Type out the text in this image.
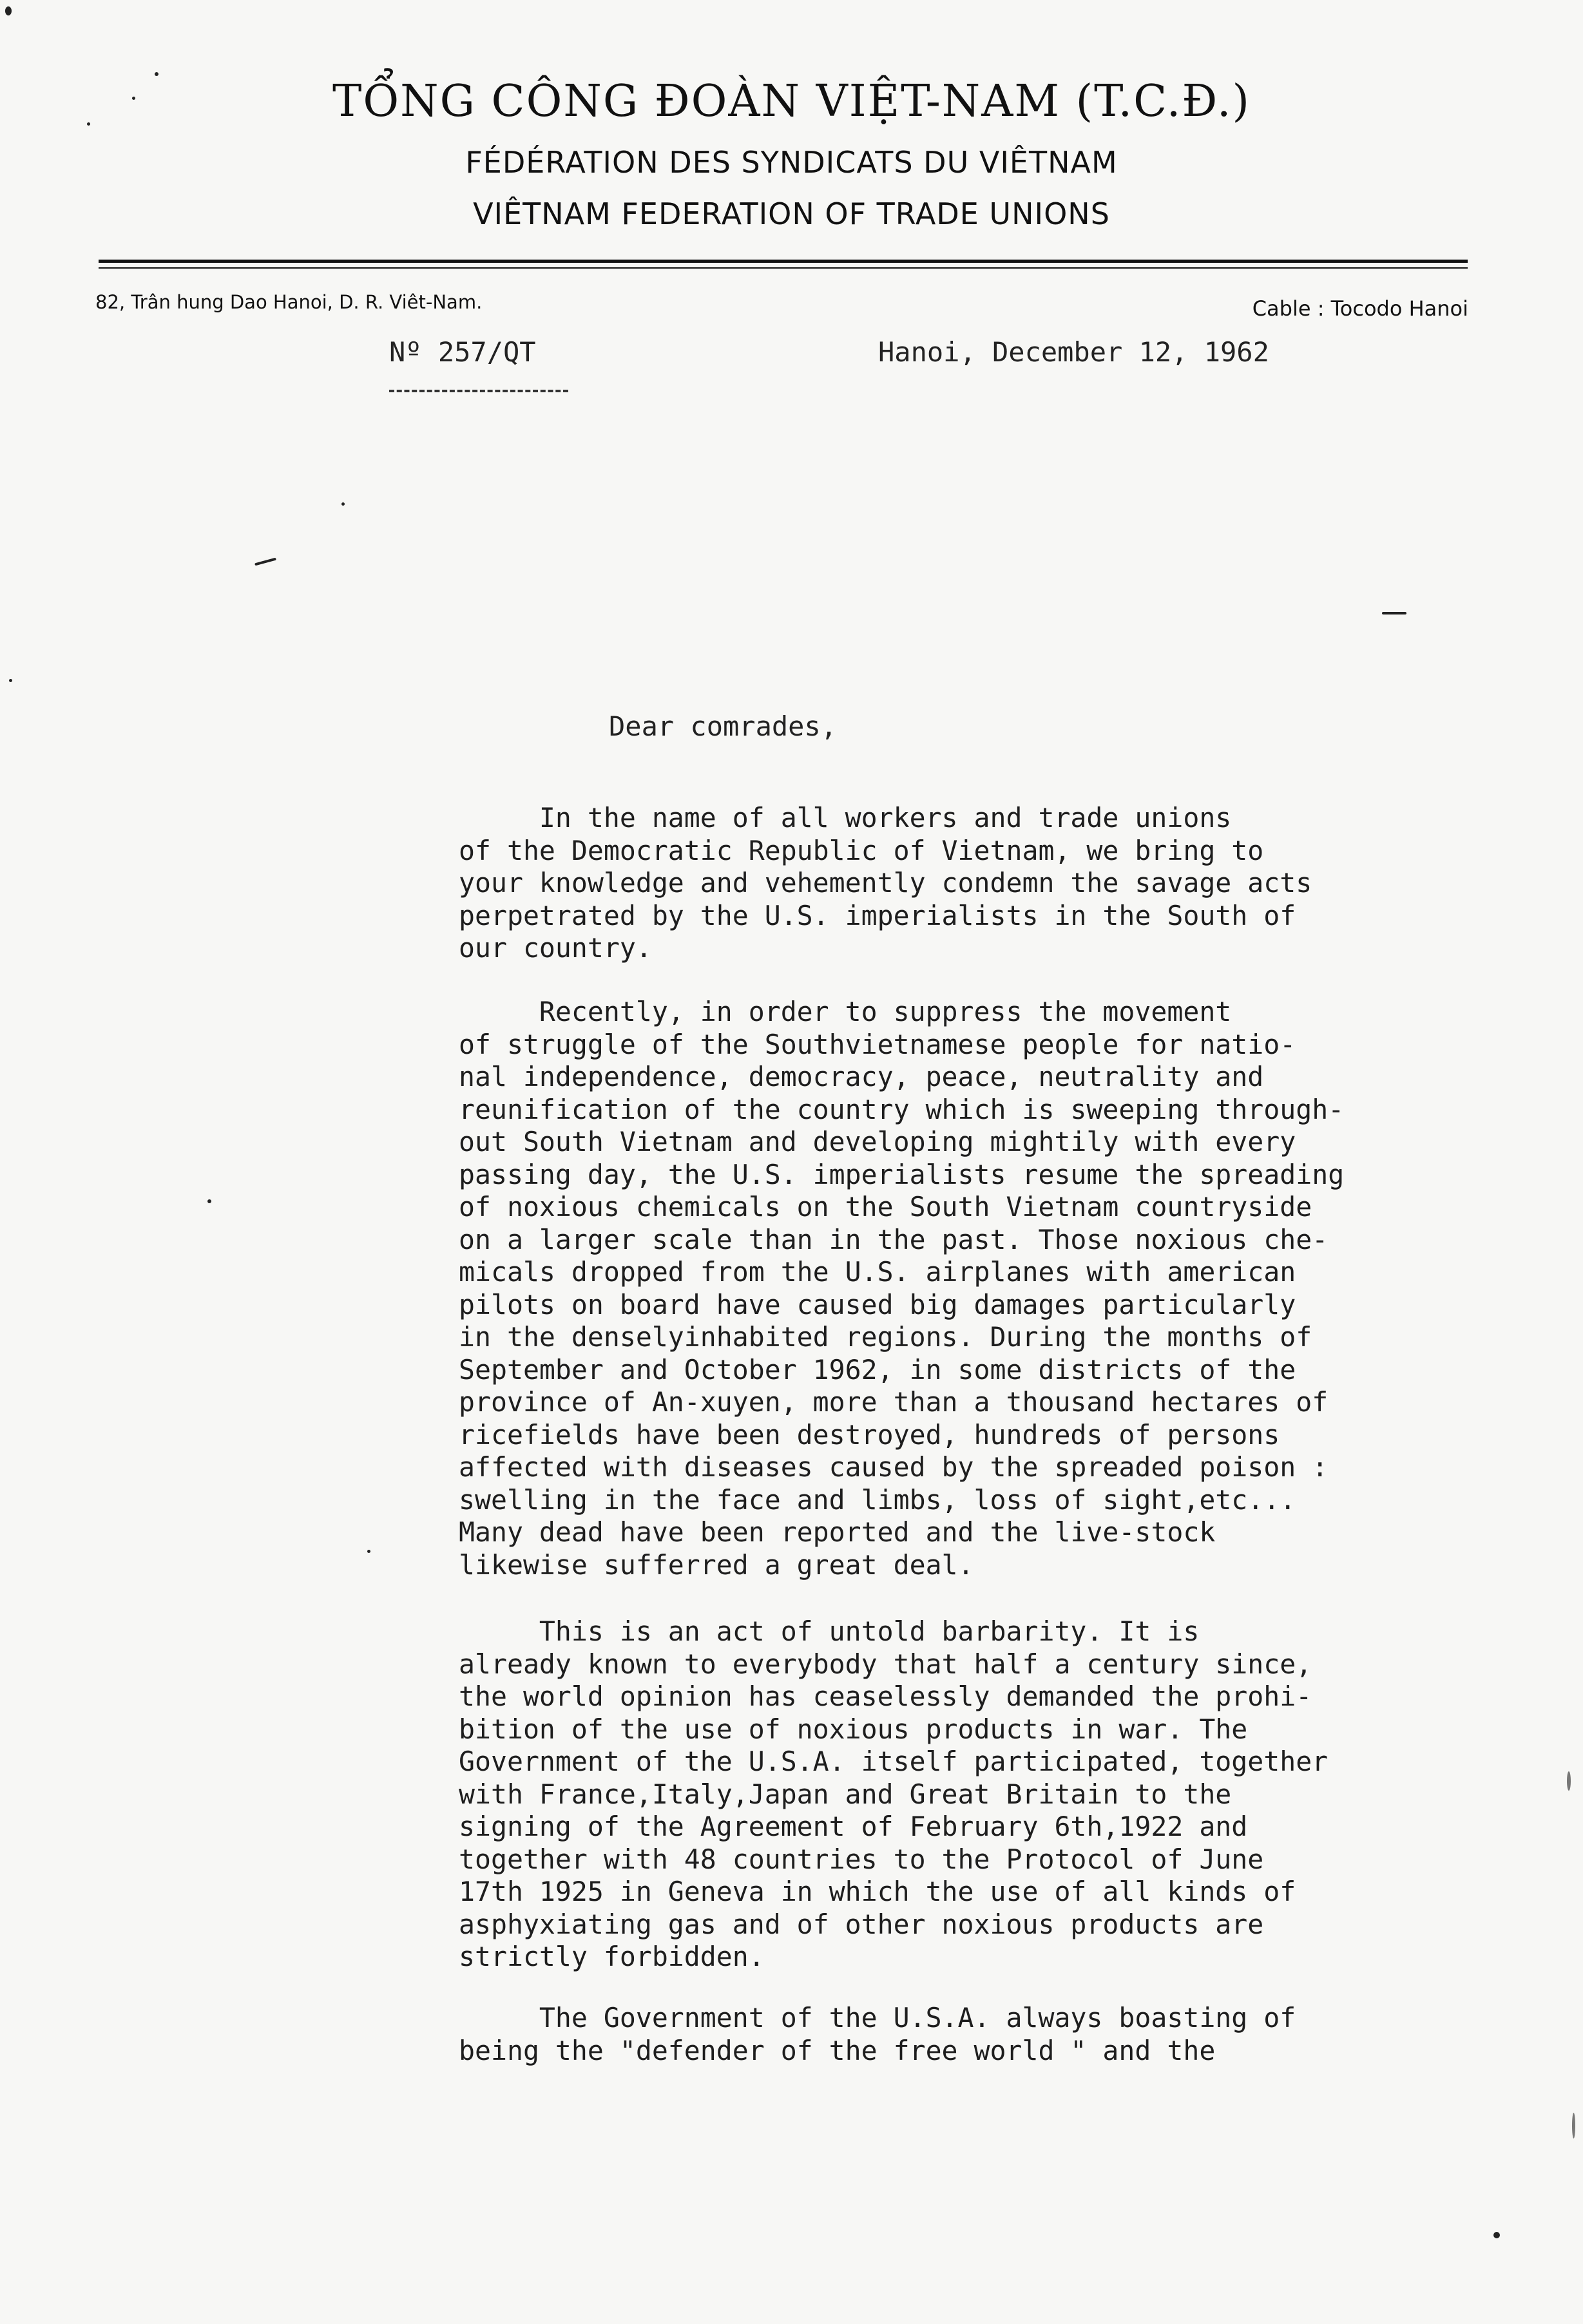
TỔNG CÔNG ĐOÀN VIỆT-NAM (T.C.Đ.)
FÉDÉRATION DES SYNDICATS DU VIÊTNAM
VIÊTNAM FEDERATION OF TRADE UNIONS
82, Trân hung Dao Hanoi, D. R. Viêt-Nam.	Cable : Tocodo Hanoi
Nº 257/QT	Hanoi, December 12, 1962
Dear comrades,
In the name of all workers and trade unions
of the Democratic Republic of Vietnam, we bring to
your knowledge and vehemently condemn the savage acts
perpetrated by the U.S. imperialists in the South of
our country.
Recently, in order to suppress the movement
of struggle of the Southvietnamese people for natio-
nal independence, democracy, peace, neutrality and
reunification of the country which is sweeping through-
out South Vietnam and developing mightily with every
passing day, the U.S. imperialists resume the spreading
of noxious chemicals on the South Vietnam countryside
on a larger scale than in the past. Those noxious che-
micals dropped from the U.S. airplanes with american
pilots on board have caused big damages particularly
in the denselyinhabited regions. During the months of
September and October 1962, in some districts of the
province of An-xuyen, more than a thousand hectares of
ricefields have been destroyed, hundreds of persons
affected with diseases caused by the spreaded poison :
swelling in the face and limbs, loss of sight,etc...
Many dead have been reported and the live-stock
likewise sufferred a great deal.
This is an act of untold barbarity. It is
already known to everybody that half a century since,
the world opinion has ceaselessly demanded the prohi-
bition of the use of noxious products in war. The
Government of the U.S.A. itself participated, together
with France,Italy,Japan and Great Britain to the
signing of the Agreement of February 6th,1922 and
together with 48 countries to the Protocol of June
17th 1925 in Geneva in which the use of all kinds of
asphyxiating gas and of other noxious products are
strictly forbidden.
The Government of the U.S.A. always boasting of
being the "defender of the free world " and the
